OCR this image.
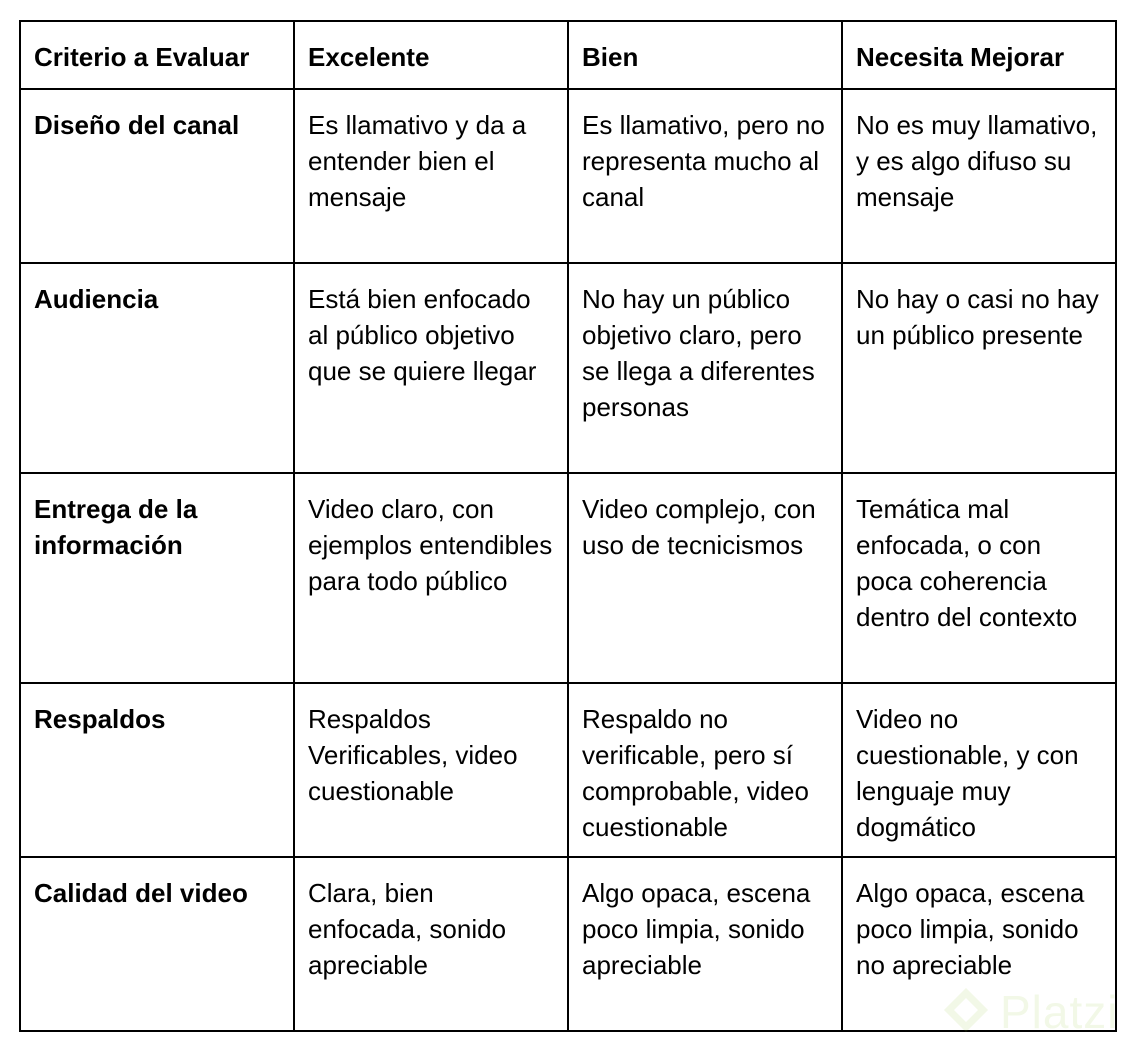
Criterio a Evaluar	Excelente	Bien	Necesita Mejorar
Diseño del canal	Es llamativo y da a entender bien el mensaje	Es llamativo, pero no representa mucho al canal	No es muy llamativo, y es algo difuso su mensaje
Audiencia	Está bien enfocado al público objetivo que se quiere llegar	No hay un público objetivo claro, pero se llega a diferentes personas	No hay o casi no hay un público presente
Entrega de la información	Video claro, con ejemplos entendibles para todo público	Video complejo, con uso de tecnicismos	Temática mal enfocada, o con poca coherencia dentro del contexto
Respaldos	Respaldos Verificables, video cuestionable	Respaldo no verificable, pero sí comprobable, video cuestionable	Video no cuestionable, y con lenguaje muy dogmático
Calidad del video	Clara, bien enfocada, sonido apreciable	Algo opaca, escena poco limpia, sonido apreciable	Algo opaca, escena poco limpia, sonido no apreciable
Platzi
